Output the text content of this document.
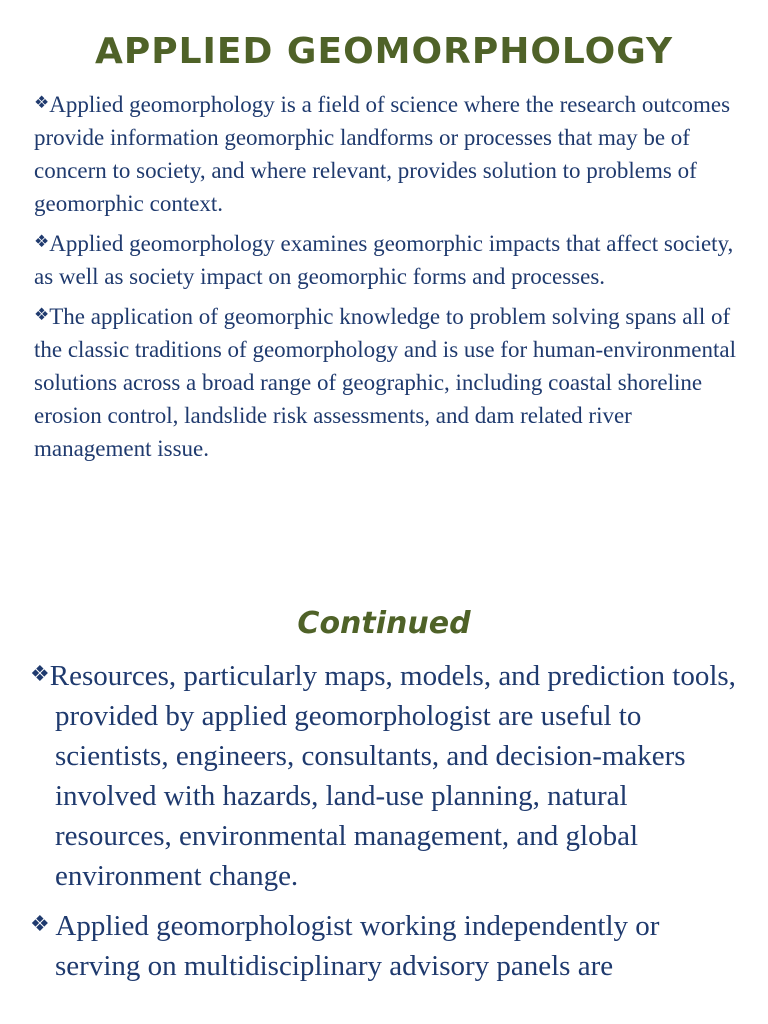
APPLIED GEOMORPHOLOGY
❖Applied geomorphology is a field of science where the research outcomes provide information geomorphic landforms or processes that may be of concern to society, and where relevant, provides solution to problems of geomorphic context.
❖Applied geomorphology examines geomorphic impacts that affect society, as well as society impact on geomorphic forms and processes.
❖The application of geomorphic knowledge to problem solving spans all of the classic traditions of geomorphology and is use for human-environmental solutions across a broad range of geographic, including coastal shoreline erosion control, landslide risk assessments, and dam related river management issue.
Continued
❖Resources, particularly maps, models, and prediction tools, provided by applied geomorphologist are useful to scientists, engineers, consultants, and decision-makers involved with hazards, land-use planning, natural resources, environmental management, and global environment change.
❖ Applied geomorphologist working independently or serving on multidisciplinary advisory panels are
